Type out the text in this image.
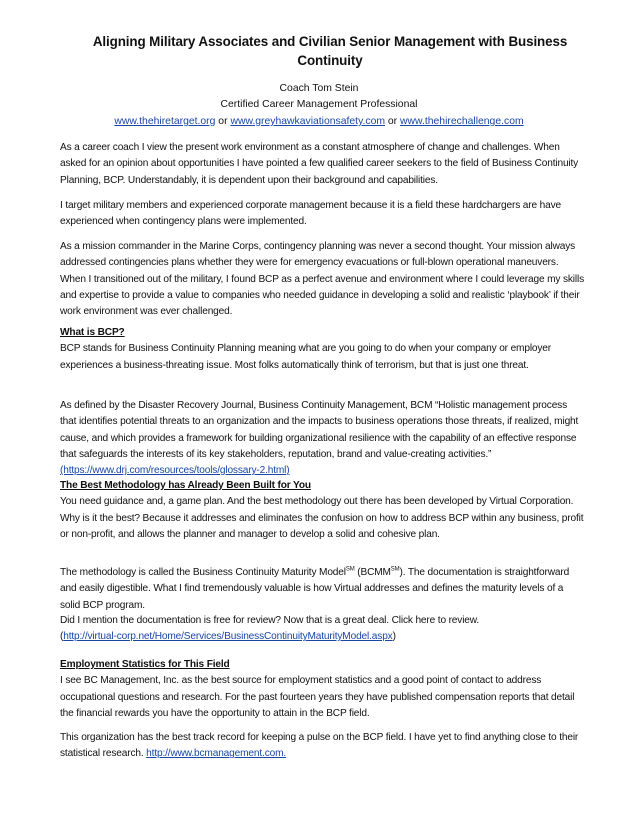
Aligning Military Associates and Civilian Senior Management with Business Continuity
Coach Tom Stein
Certified Career Management Professional
www.thehiretarget.org or www.greyhawkaviationsafety.com or www.thehirechallenge.com
As a career coach I view the present work environment as a constant atmosphere of change and challenges. When asked for an opinion about opportunities I have pointed a few qualified career seekers to the field of Business Continuity Planning, BCP. Understandably, it is dependent upon their background and capabilities.
I target military members and experienced corporate management because it is a field these hardchargers are have experienced when contingency plans were implemented.
As a mission commander in the Marine Corps, contingency planning was never a second thought. Your mission always addressed contingencies plans whether they were for emergency evacuations or full-blown operational maneuvers. When I transitioned out of the military, I found BCP as a perfect avenue and environment where I could leverage my skills and expertise to provide a value to companies who needed guidance in developing a solid and realistic ‘playbook’ if their work environment was ever challenged.
What is BCP?
BCP stands for Business Continuity Planning meaning what are you going to do when your company or employer experiences a business-threating issue. Most folks automatically think of terrorism, but that is just one threat.
As defined by the Disaster Recovery Journal, Business Continuity Management, BCM “Holistic management process that identifies potential threats to an organization and the impacts to business operations those threats, if realized, might cause, and which provides a framework for building organizational resilience with the capability of an effective response that safeguards the interests of its key stakeholders, reputation, brand and value-creating activities.” (https://www.drj.com/resources/tools/glossary-2.html)
The Best Methodology has Already Been Built for You
You need guidance and, a game plan. And the best methodology out there has been developed by Virtual Corporation. Why is it the best? Because it addresses and eliminates the confusion on how to address BCP within any business, profit or non-profit, and allows the planner and manager to develop a solid and cohesive plan.
The methodology is called the Business Continuity Maturity Model℠ (BCMM℠). The documentation is straightforward and easily digestible. What I find tremendously valuable is how Virtual addresses and defines the maturity levels of a solid BCP program.
Did I mention the documentation is free for review? Now that is a great deal. Click here to review.
(http://virtual-corp.net/Home/Services/BusinessContinuityMaturityModel.aspx)
Employment Statistics for This Field
I see BC Management, Inc. as the best source for employment statistics and a good point of contact to address occupational questions and research. For the past fourteen years they have published compensation reports that detail the financial rewards you have the opportunity to attain in the BCP field.
This organization has the best track record for keeping a pulse on the BCP field. I have yet to find anything close to their statistical research. http://www.bcmanagement.com.
